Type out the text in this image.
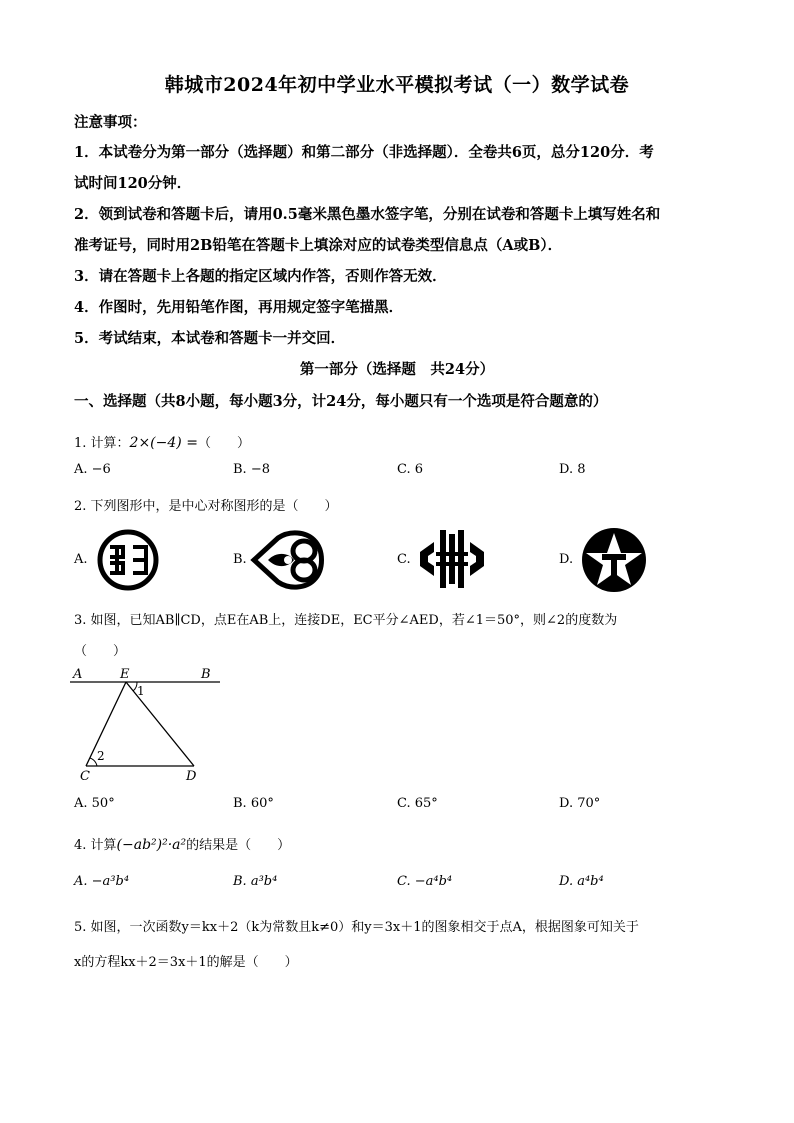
韩城市2024年初中学业水平模拟考试（一）数学试卷
注意事项：
1．本试卷分为第一部分（选择题）和第二部分（非选择题）．全卷共6页，总分120分．考
试时间120分钟．
2．领到试卷和答题卡后，请用0.5毫米黑色墨水签字笔，分别在试卷和答题卡上填写姓名和
准考证号，同时用2B铅笔在答题卡上填涂对应的试卷类型信息点（A或B）．
3．请在答题卡上各题的指定区域内作答，否则作答无效．
4．作图时，先用铅笔作图，再用规定签字笔描黑．
5．考试结束，本试卷和答题卡一并交回．
第一部分（选择题　共24分）
一、选择题（共8小题，每小题3分，计24分，每小题只有一个选项是符合题意的）
1. 计算：2×(−4) =（　　）
A. −6	B. −8	C. 6	D. 8
2. 下列图形中，是中心对称图形的是（　　）
A.	B.	C.	D.
3. 如图，已知AB∥CD，点E在AB上，连接DE，EC平分∠AED，若∠1＝50°，则∠2的度数为
（　　）
A	E	B
C	D
1
2
A. 50°	B. 60°	C. 65°	D. 70°
4. 计算(−ab²)²·a²的结果是（　　）
A. −a³b⁴	B. a³b⁴	C. −a⁴b⁴	D. a⁴b⁴
5. 如图，一次函数y＝kx＋2（k为常数且k≠0）和y＝3x＋1的图象相交于点A，根据图象可知关于
x的方程kx＋2＝3x＋1的解是（　　）
